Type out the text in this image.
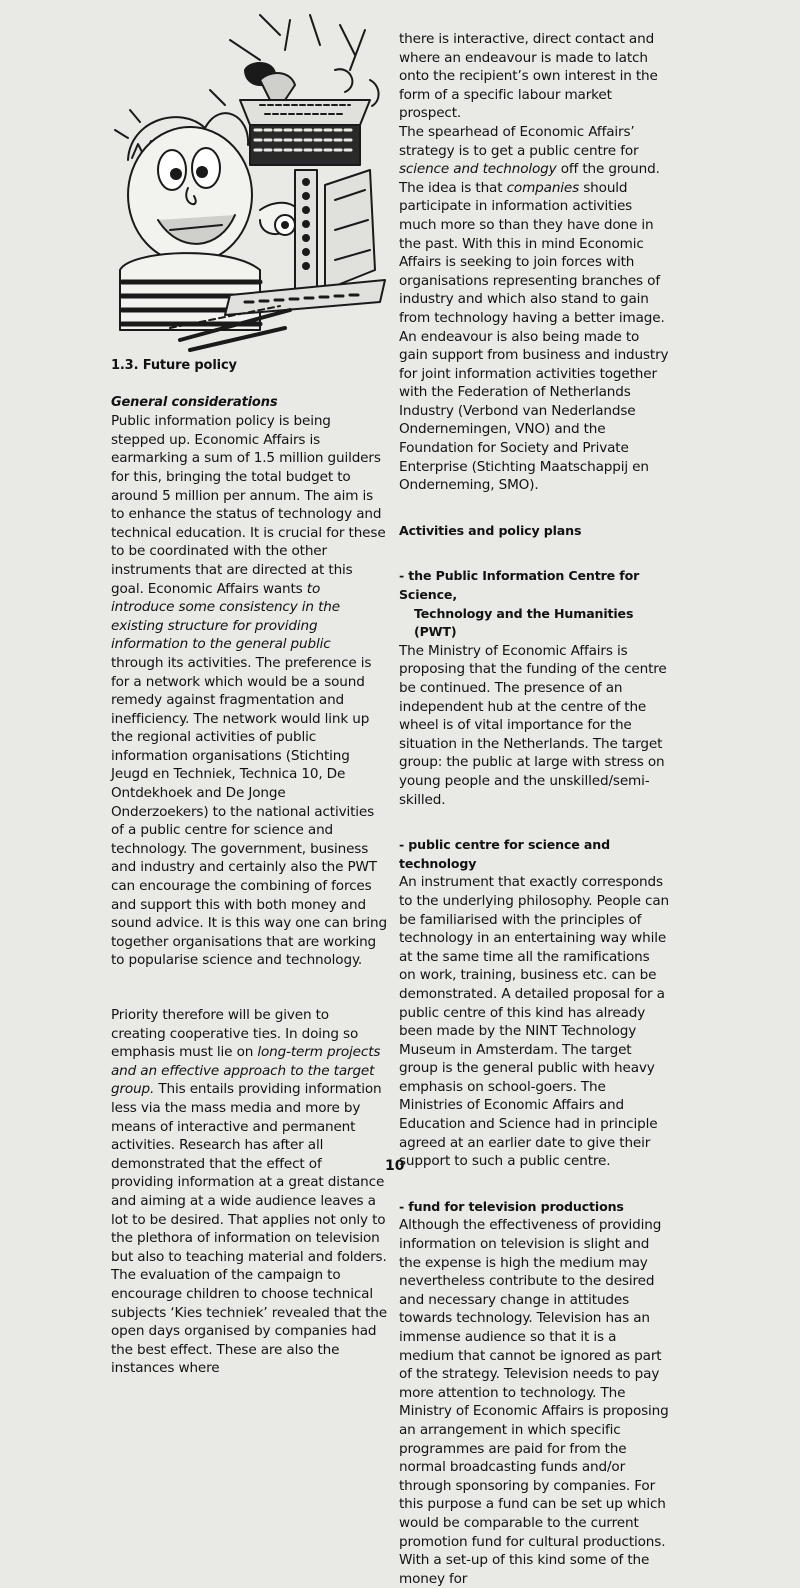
1.3. Future policy

General considerations

Public information policy is being stepped up. Economic Affairs is earmarking a sum of 1.5 million guilders for this, bringing the total budget to around 5 million per annum. The aim is to enhance the status of technology and technical education. It is crucial for these to be coordinated with the other instruments that are directed at this goal. Economic Affairs wants to introduce some consistency in the existing structure for providing information to the general public through its activities. The preference is for a network which would be a sound remedy against fragmentation and inefficiency. The network would link up the regional activities of public information organisations (Stichting Jeugd en Techniek, Technica 10, De Ontdekhoek and De Jonge Onderzoekers) to the national activities of a public centre for science and technology. The government, business and industry and certainly also the PWT can encourage the combining of forces and support this with both money and sound advice. It is this way one can bring together organisations that are working to popularise science and technology.

Priority therefore will be given to creating cooperative ties. In doing so emphasis must lie on long-term projects and an effective approach to the target group. This entails providing information less via the mass media and more by means of interactive and permanent activities. Research has after all demonstrated that the effect of providing information at a great distance and aiming at a wide audience leaves a lot to be desired. That applies not only to the plethora of information on television but also to teaching material and folders. The evaluation of the campaign to encourage children to choose technical subjects ‘Kies techniek’ revealed that the open days organised by companies had the best effect. These are also the instances where

there is interactive, direct contact and where an endeavour is made to latch onto the recipient’s own interest in the form of a specific labour market prospect.

The spearhead of Economic Affairs’ strategy is to get a public centre for science and technology off the ground. The idea is that companies should participate in information activities much more so than they have done in the past. With this in mind Economic Affairs is seeking to join forces with organisations representing branches of industry and which also stand to gain from technology having a better image. An endeavour is also being made to gain support from business and industry for joint information activities together with the Federation of Netherlands Industry (Verbond van Nederlandse Ondernemingen, VNO) and the Foundation for Society and Private Enterprise (Stichting Maatschappij en Onderneming, SMO).

Activities and policy plans

- the Public Information Centre for Science,
Technology and the Humanities (PWT)

The Ministry of Economic Affairs is proposing that the funding of the centre be continued. The presence of an independent hub at the centre of the wheel is of vital importance for the situation in the Netherlands. The target group: the public at large with stress on young people and the unskilled/semi-skilled.

- public centre for science and technology

An instrument that exactly corresponds to the underlying philosophy. People can be familiarised with the principles of technology in an entertaining way while at the same time all the ramifications on work, training, business etc. can be demonstrated. A detailed proposal for a public centre of this kind has already been made by the NINT Technology Museum in Amsterdam. The target group is the general public with heavy emphasis on school-goers. The Ministries of Economic Affairs and Education and Science had in principle agreed at an earlier date to give their support to such a public centre.

- fund for television productions

Although the effectiveness of providing information on television is slight and the expense is high the medium may nevertheless contribute to the desired and necessary change in attitudes towards technology. Television has an immense audience so that it is a medium that cannot be ignored as part of the strategy. Television needs to pay more attention to technology. The Ministry of Economic Affairs is proposing an arrangement in which specific programmes are paid for from the normal broadcasting funds and/or through sponsoring by companies. For this purpose a fund can be set up which would be comparable to the current promotion fund for cultural productions. With a set-up of this kind some of the money for

10
